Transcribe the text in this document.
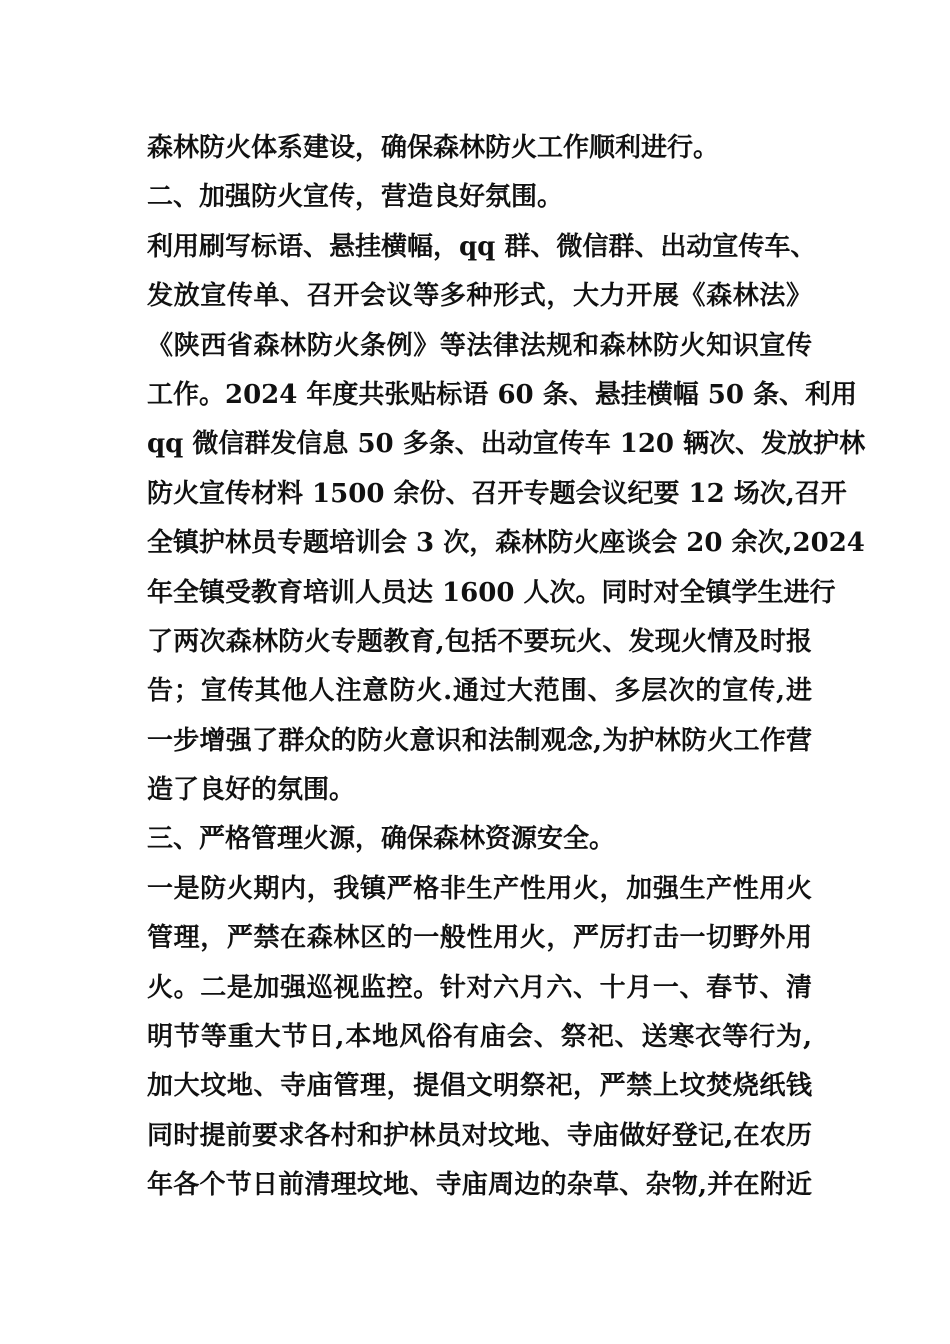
森林防火体系建设，确保森林防火工作顺利进行。
二、加强防火宣传，营造良好氛围。
利用刷写标语、悬挂横幅，qq 群、微信群、出动宣传车、
发放宣传单、召开会议等多种形式，大力开展《森林法》
《陕西省森林防火条例》等法律法规和森林防火知识宣传
工作。2024 年度共张贴标语 60 条、悬挂横幅 50 条、利用
qq 微信群发信息 50 多条、出动宣传车 120 辆次、发放护林
防火宣传材料 1500 余份、召开专题会议纪要 12 场次,召开
全镇护林员专题培训会 3 次，森林防火座谈会 20 余次,2024
年全镇受教育培训人员达 1600 人次。同时对全镇学生进行
了两次森林防火专题教育,包括不要玩火、发现火情及时报
告；宣传其他人注意防火.通过大范围、多层次的宣传,进
一步增强了群众的防火意识和法制观念,为护林防火工作营
造了良好的氛围。
三、严格管理火源，确保森林资源安全。
一是防火期内，我镇严格非生产性用火，加强生产性用火
管理，严禁在森林区的一般性用火，严厉打击一切野外用
火。二是加强巡视监控。针对六月六、十月一、春节、清
明节等重大节日,本地风俗有庙会、祭祀、送寒衣等行为,
加大坟地、寺庙管理，提倡文明祭祀，严禁上坟焚烧纸钱
同时提前要求各村和护林员对坟地、寺庙做好登记,在农历
年各个节日前清理坟地、寺庙周边的杂草、杂物,并在附近
